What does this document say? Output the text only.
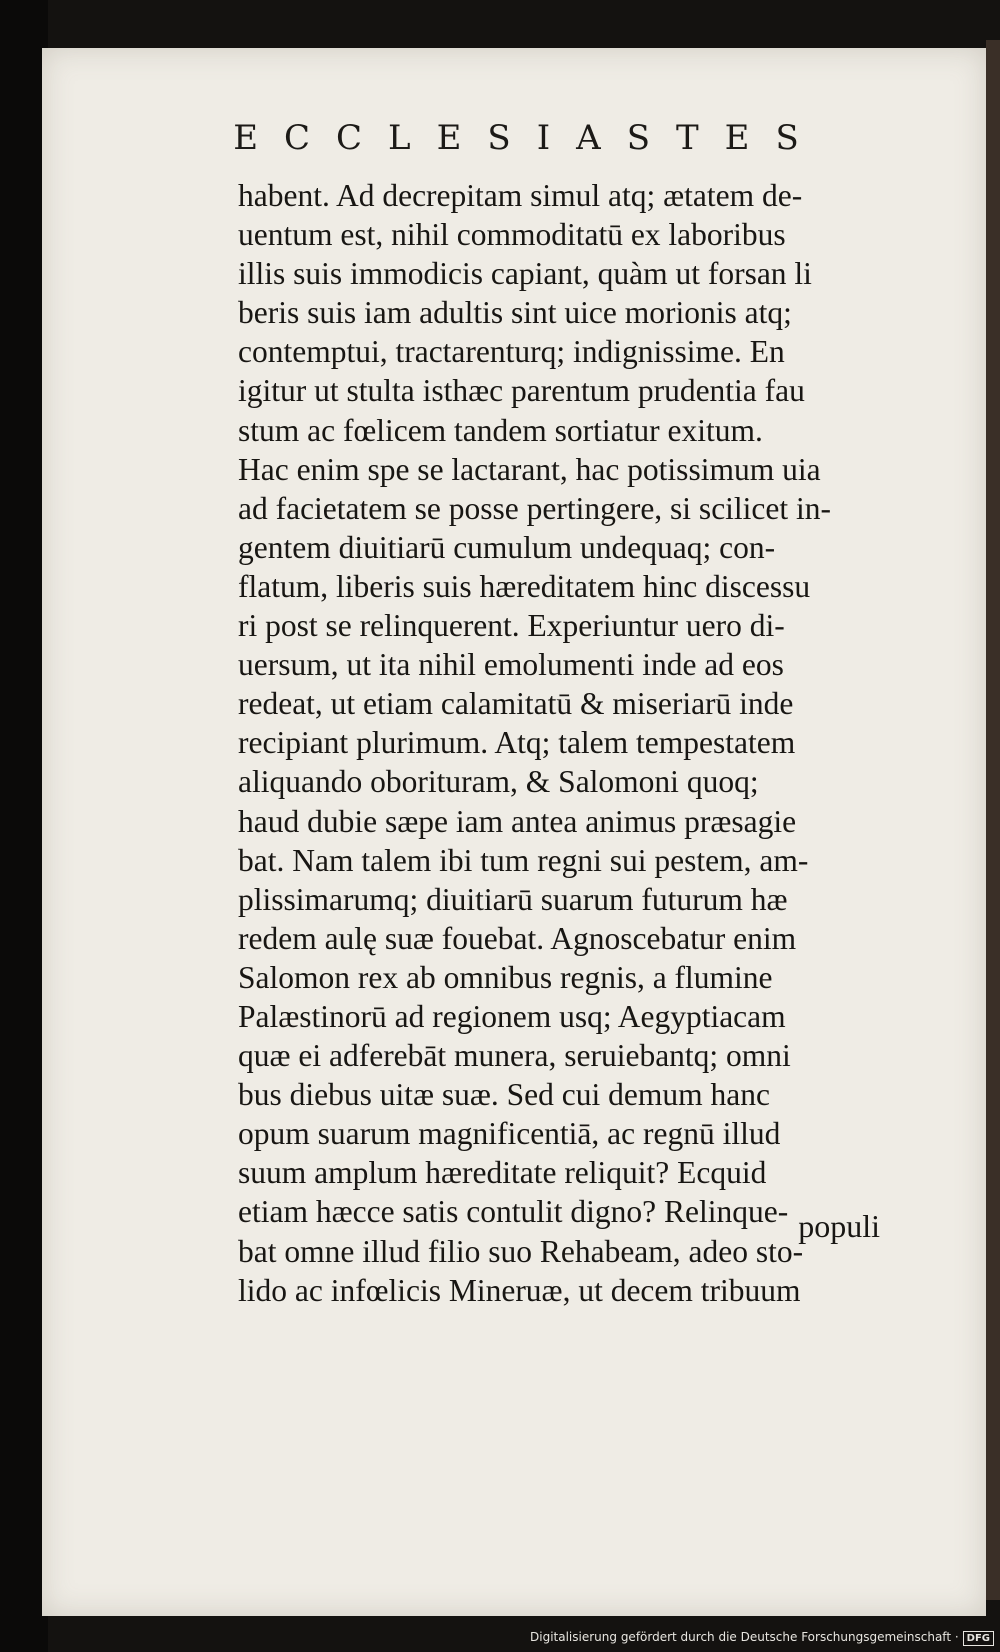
ECCLESIASTES
habent. Ad decrepitam simul atq; ætatem de-
uentum est, nihil commoditatū ex laboribus
illis suis immodicis capiant, quàm ut forsan li
beris suis iam adultis sint uice morionis atq;
contemptui, tractarenturq; indignissime. En
igitur ut stulta isthæc parentum prudentia fau
stum ac fœlicem tandem sortiatur exitum.
Hac enim spe se lactarant, hac potissimum uia
ad facietatem se posse pertingere, si scilicet in-
gentem diuitiarū cumulum undequaq; con-
flatum, liberis suis hæreditatem hinc discessu
ri post se relinquerent. Experiuntur uero di-
uersum, ut ita nihil emolumenti inde ad eos
redeat, ut etiam calamitatū & miseriarū inde
recipiant plurimum. Atq; talem tempestatem
aliquando oborituram, & Salomoni quoq;
haud dubie sæpe iam antea animus præsagie
bat. Nam talem ibi tum regni sui pestem, am-
plissimarumq; diuitiarū suarum futurum hæ
redem aulę suæ fouebat. Agnoscebatur enim
Salomon rex ab omnibus regnis, a flumine
Palæstinorū ad regionem usq; Aegyptiacam
quæ ei adferebāt munera, seruiebantq; omni
bus diebus uitæ suæ. Sed cui demum hanc
opum suarum magnificentiā, ac regnū illud
suum amplum hæreditate reliquit? Ecquid
etiam hæcce satis contulit digno? Relinque-
bat omne illud filio suo Rehabeam, adeo sto-
lido ac infœlicis Mineruæ, ut decem tribuum
populi
Digitalisierung gefördert durch die Deutsche Forschungsgemeinschaft · DFG
